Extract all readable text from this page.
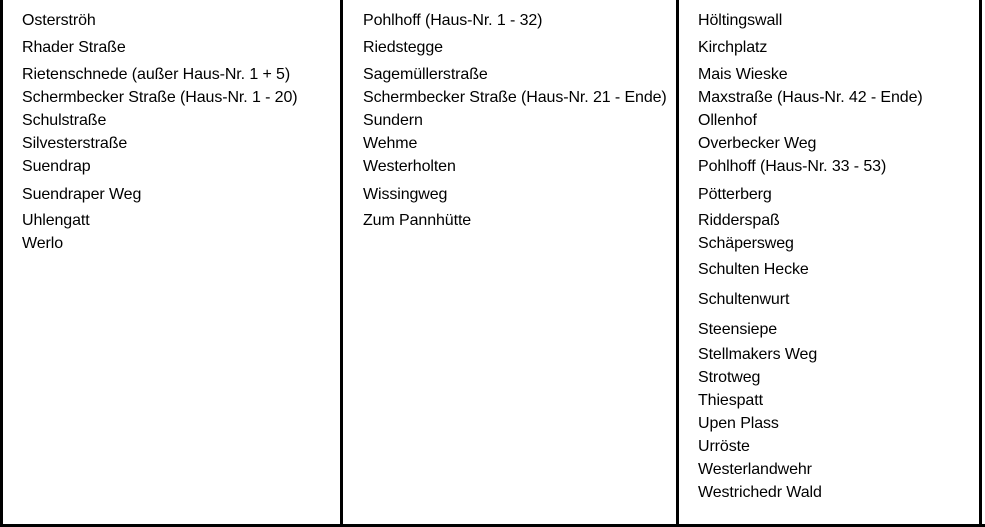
Osterströh
Rhader Straße
Rietenschnede (außer Haus-Nr. 1 + 5)
Schermbecker Straße (Haus-Nr. 1 - 20)
Schulstraße
Silvesterstraße
Suendrap
Suendraper Weg
Uhlengatt
Werlo
Pohlhoff (Haus-Nr. 1 - 32)
Riedstegge
Sagemüllerstraße
Schermbecker Straße (Haus-Nr. 21 - Ende)
Sundern
Wehme
Westerholten
Wissingweg
Zum Pannhütte
Höltingswall
Kirchplatz
Mais Wieske
Maxstraße (Haus-Nr. 42 - Ende)
Ollenhof
Overbecker Weg
Pohlhoff (Haus-Nr. 33 - 53)
Pötterberg
Ridderspaß
Schäpersweg
Schulten Hecke
Schultenwurt
Steensiepe
Stellmakers Weg
Strotweg
Thiespatt
Upen Plass
Urröste
Westerlandwehr
Westrichedr Wald
